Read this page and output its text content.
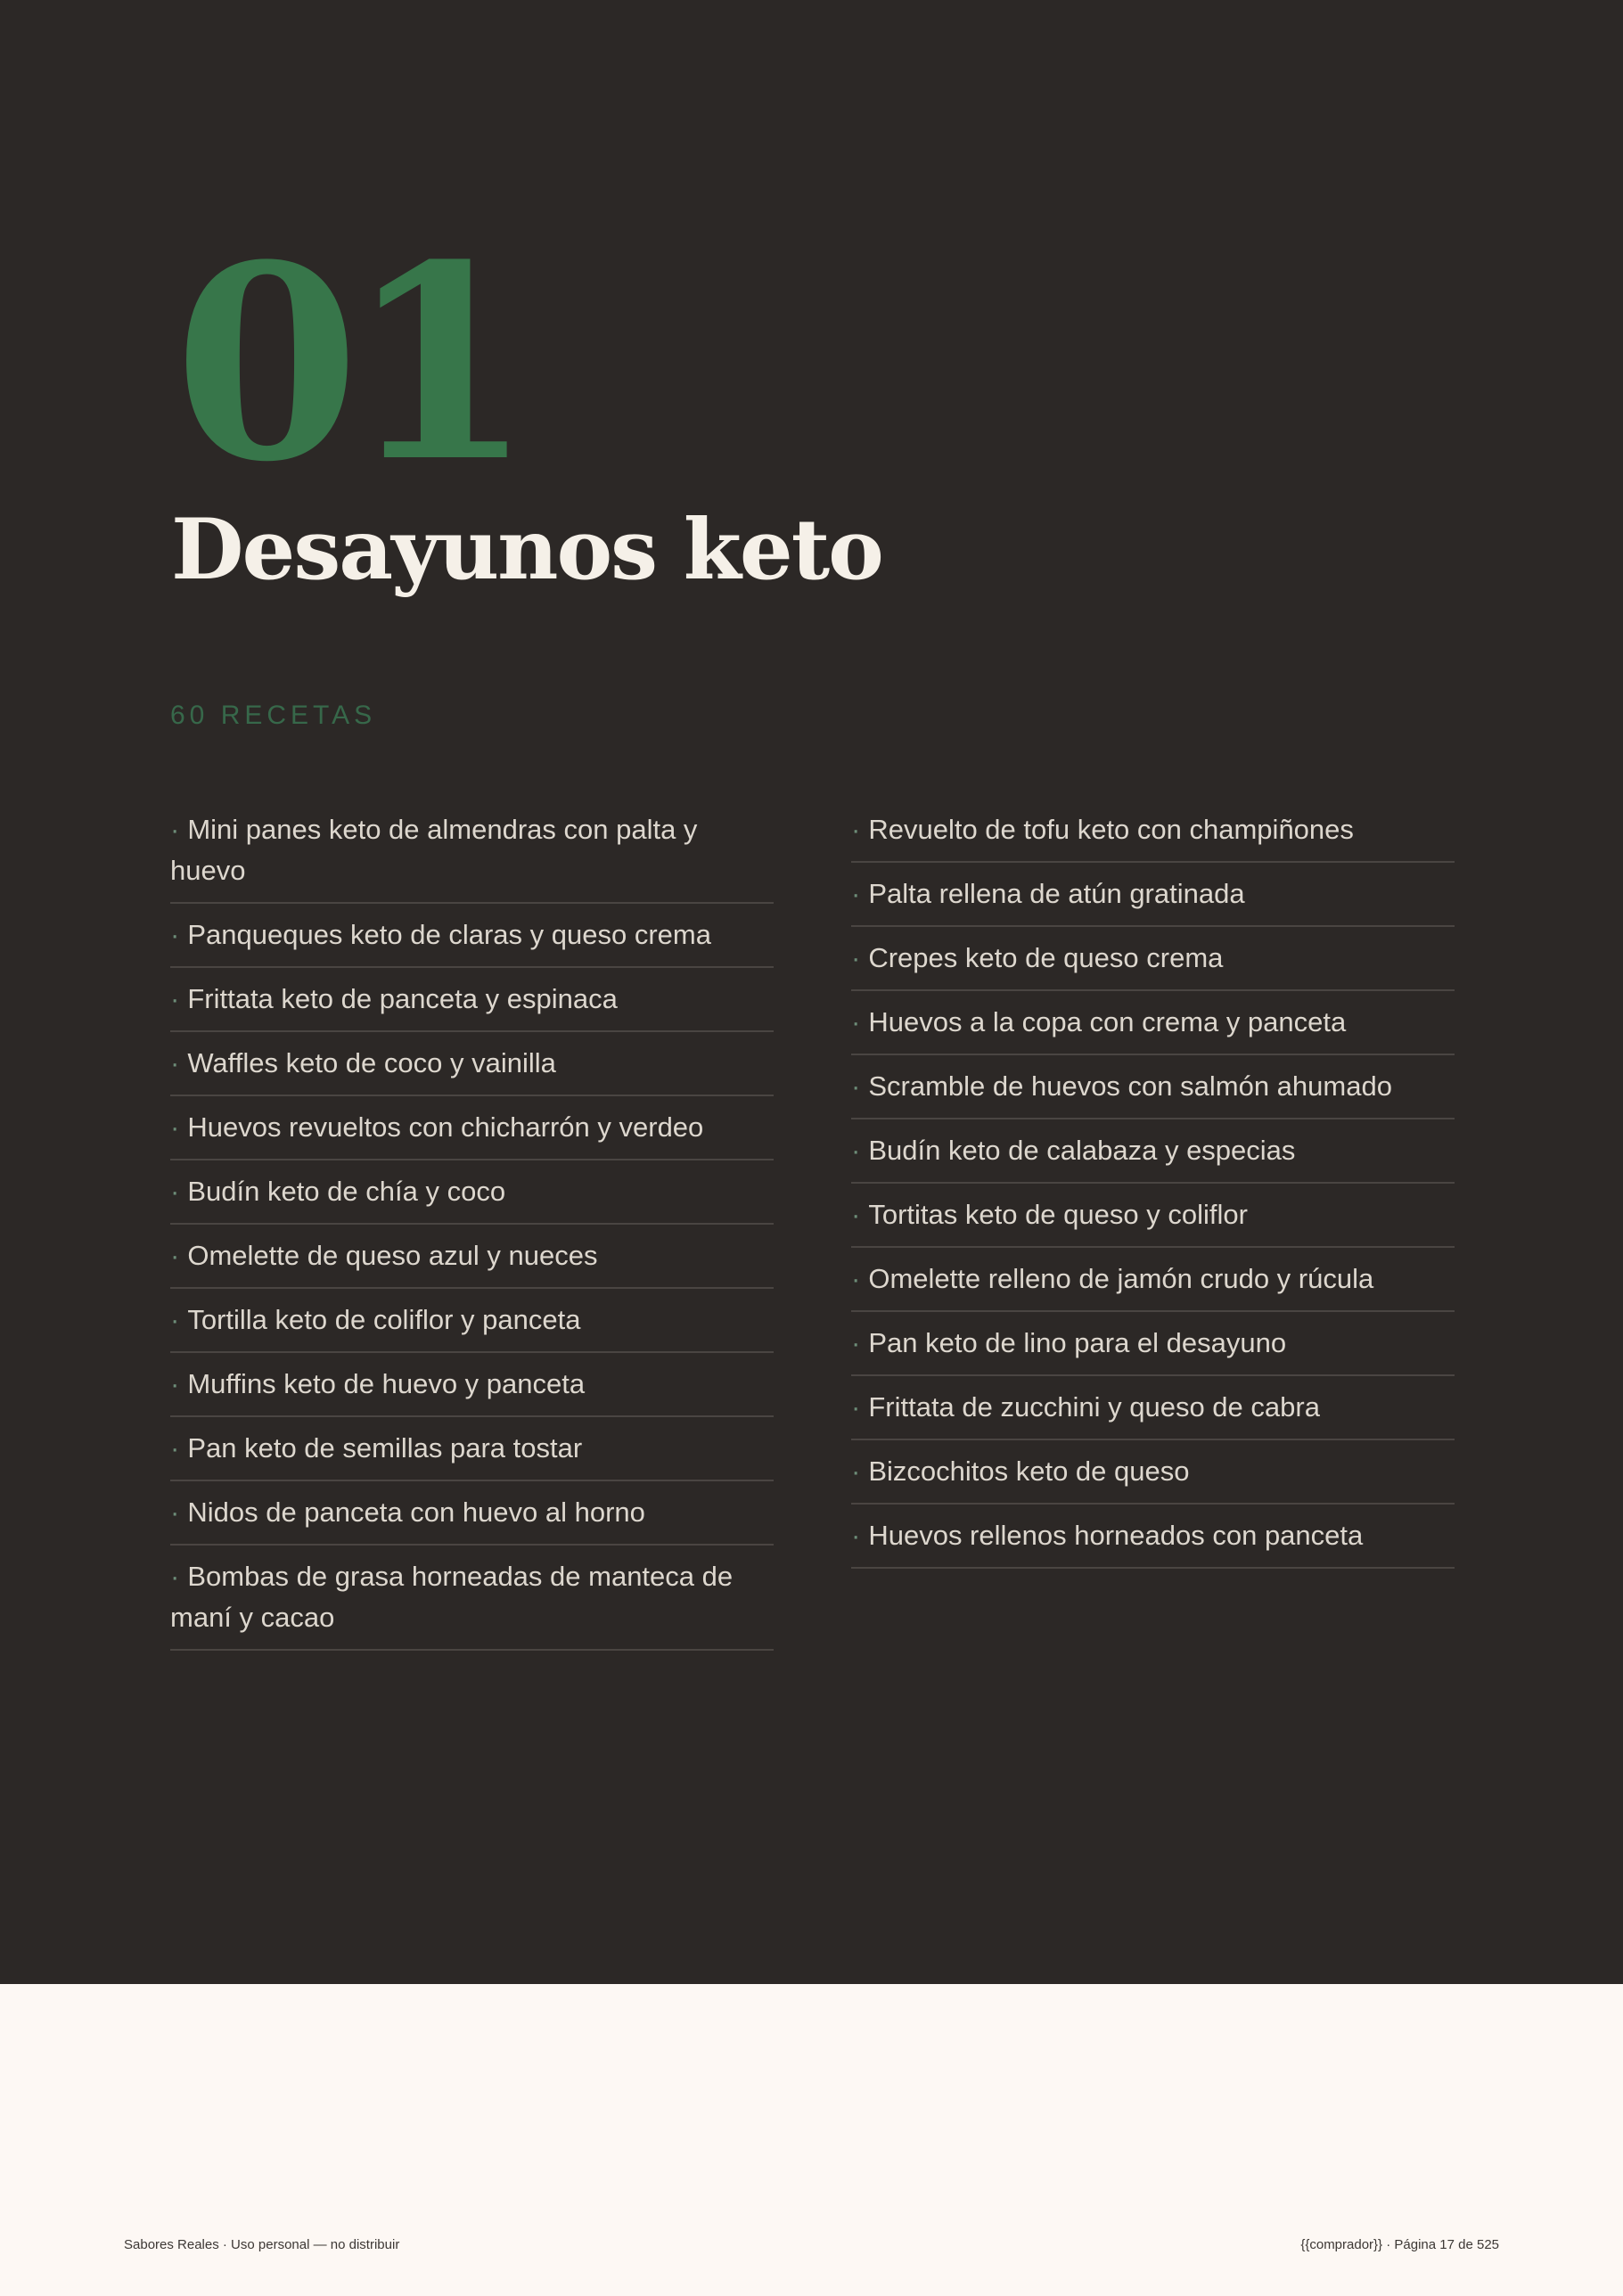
01
Desayunos keto
60 RECETAS
· Mini panes keto de almendras con palta y huevo
· Panqueques keto de claras y queso crema
· Frittata keto de panceta y espinaca
· Waffles keto de coco y vainilla
· Huevos revueltos con chicharrón y verdeo
· Budín keto de chía y coco
· Omelette de queso azul y nueces
· Tortilla keto de coliflor y panceta
· Muffins keto de huevo y panceta
· Pan keto de semillas para tostar
· Nidos de panceta con huevo al horno
· Bombas de grasa horneadas de manteca de maní y cacao
· Revuelto de tofu keto con champiñones
· Palta rellena de atún gratinada
· Crepes keto de queso crema
· Huevos a la copa con crema y panceta
· Scramble de huevos con salmón ahumado
· Budín keto de calabaza y especias
· Tortitas keto de queso y coliflor
· Omelette relleno de jamón crudo y rúcula
· Pan keto de lino para el desayuno
· Frittata de zucchini y queso de cabra
· Bizcochitos keto de queso
· Huevos rellenos horneados con panceta
Sabores Reales · Uso personal — no distribuir	{{comprador}} · Página 17 de 525
